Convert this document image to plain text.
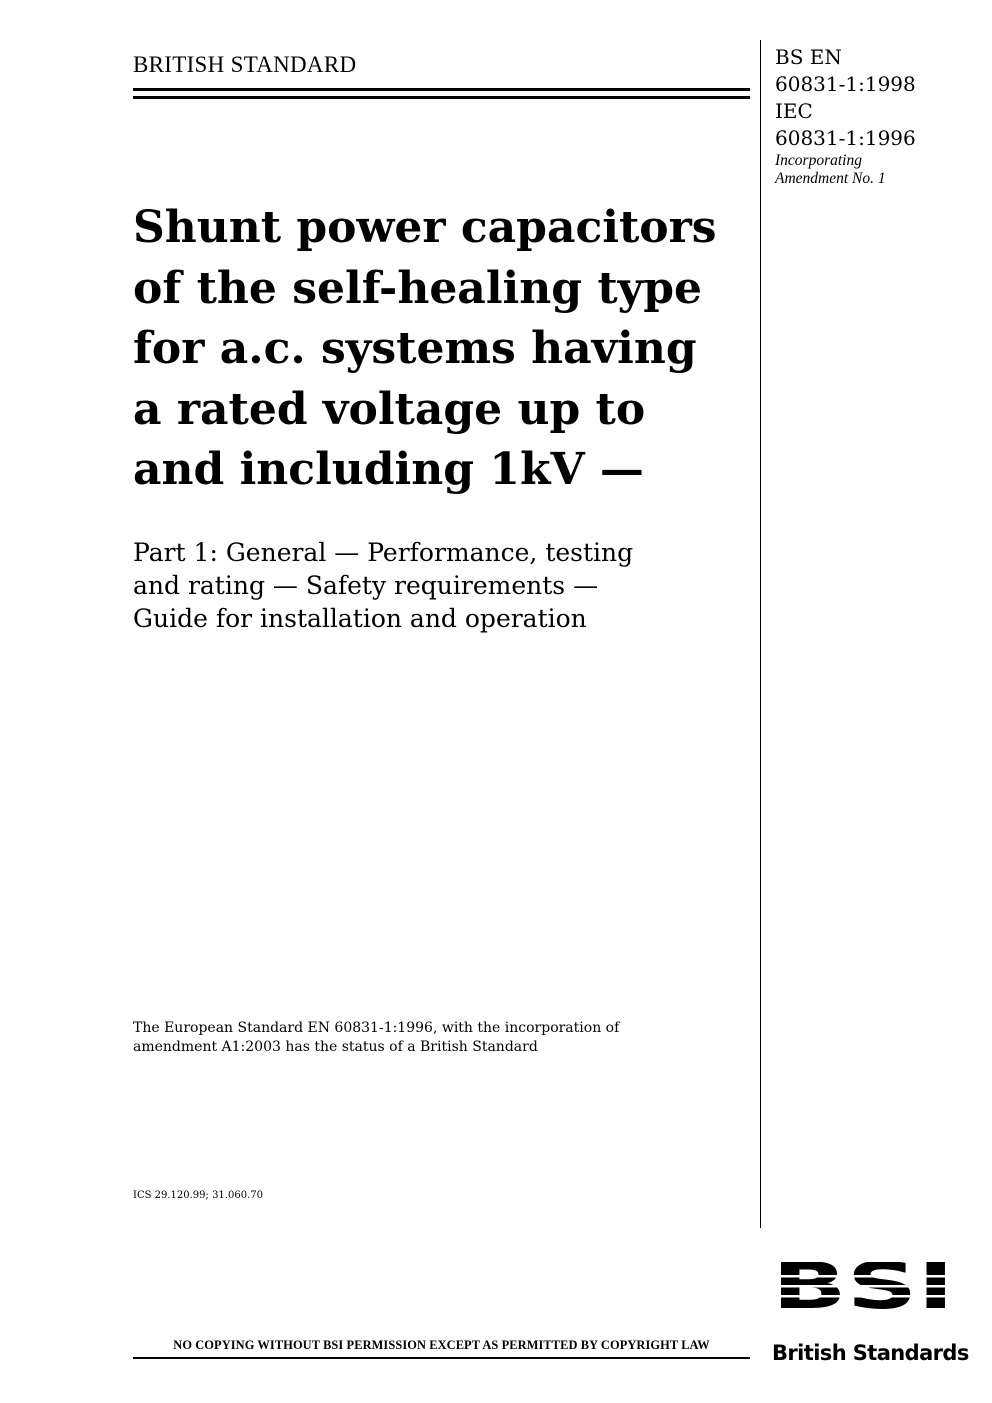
BRITISH STANDARD	BS EN
60831-1:1998
IEC
60831-1:1996
Incorporating
Amendment No. 1
Shunt power capacitors
of the self-healing type
for a.c. systems having
a rated voltage up to
and including 1kV —
Part 1: General — Performance, testing
and rating — Safety requirements —
Guide for installation and operation
The European Standard EN 60831-1:1996, with the incorporation of
amendment A1:2003 has the status of a British Standard
ICS 29.120.99; 31.060.70
NO COPYING WITHOUT BSI PERMISSION EXCEPT AS PERMITTED BY COPYRIGHT LAW	British Standards
